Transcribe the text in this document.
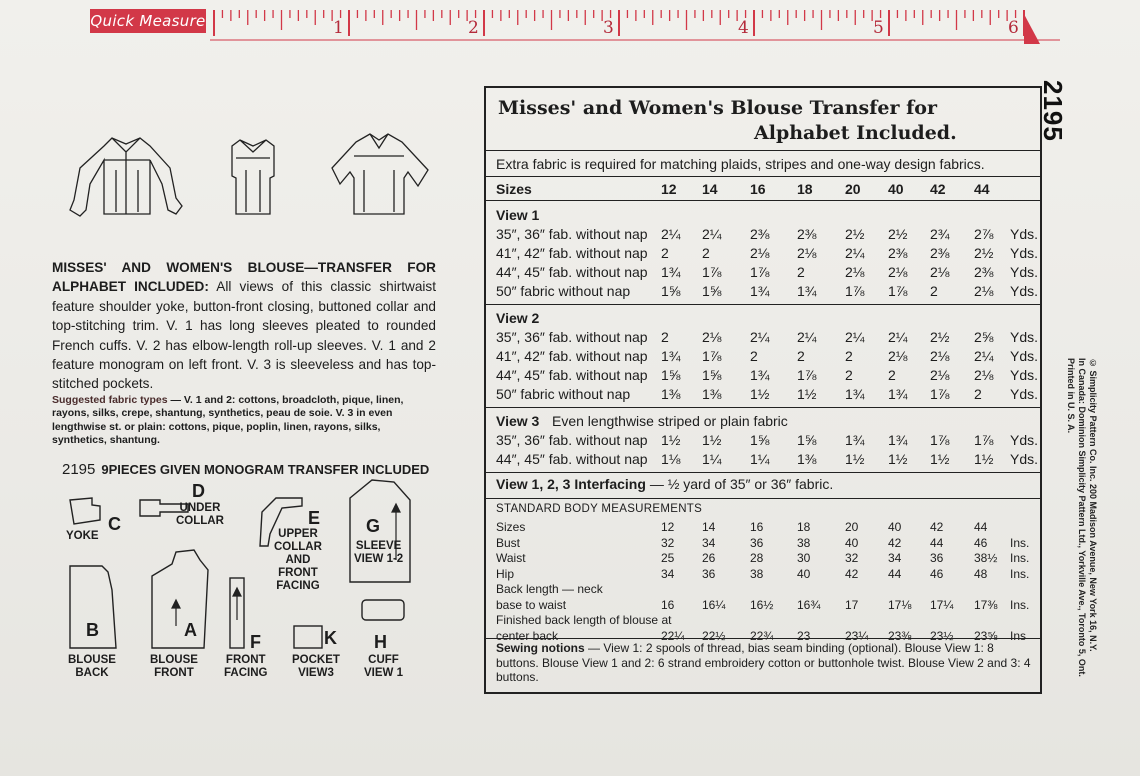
Quick Measure	1	2	3	4	5	6
2195
© Simplicity Pattern Co. Inc. 200 Madison Avenue, New York 16, N.Y.
In Canada: Dominion Simplicity Pattern Ltd., Yorkville Ave., Toronto 5, Ont.
Printed in U. S. A.
MISSES' AND WOMEN'S BLOUSE—TRANSFER FOR ALPHABET INCLUDED: All views of this classic shirtwaist feature shoulder yoke, button-front closing, buttoned collar and top-stitching trim. V. 1 has long sleeves pleated to rounded French cuffs. V. 2 has elbow-length roll-up sleeves. V. 1 and 2 feature monogram on left front. V. 3 is sleeveless and has top-stitched pockets.
Suggested fabric types — V. 1 and 2: cottons, broadcloth, pique, linen, rayons, silks, crepe, shantung, synthetics, peau de soie. V. 3 in even lengthwise st. or plain: cottons, pique, poplin, linen, rayons, silks, synthetics, shantung.
2195 9PIECES GIVEN MONOGRAM TRANSFER INCLUDED
C
YOKE
D
UNDER
COLLAR	E
UPPER
COLLAR
AND
FRONT
FACING
G
SLEEVE
VIEW 1-2
B
BLOUSE
BACK
A
BLOUSE
FRONT
F
FRONT
FACING
K
POCKET
VIEW3
H
CUFF
VIEW 1
Misses' and Women's Blouse Transfer for
Alphabet Included.
Extra fabric is required for matching plaids, stripes and one-way design fabrics.
Sizes	12	14	16	18	20	40	42	44
View 1
35″, 36″ fab. without nap 2¼	2¼	2⅜	2⅜	2½	2½	2¾	2⅞	Yds.
41″, 42″ fab. without nap 2	2	2⅛	2⅛	2¼	2⅜	2⅜	2½	Yds.
44″, 45″ fab. without nap 1¾	1⅞	1⅞	2	2⅛	2⅛	2⅛	2⅜	Yds.
50″ fabric without nap 1⅝	1⅝	1¾	1¾	1⅞	1⅞	2	2⅛	Yds.
View 2
35″, 36″ fab. without nap 2	2⅛	2¼	2¼	2¼	2¼	2½	2⅝	Yds.
41″, 42″ fab. without nap 1¾	1⅞	2	2	2	2⅛	2⅛	2¼	Yds.
44″, 45″ fab. without nap 1⅝	1⅝	1¾	1⅞	2	2	2⅛	2⅛	Yds.
50″ fabric without nap 1⅜	1⅜	1½	1½	1¾	1¾	1⅞	2	Yds.
View 3 Even lengthwise striped or plain fabric
35″, 36″ fab. without nap 1½	1½	1⅝	1⅝	1¾	1¾	1⅞	1⅞	Yds.
44″, 45″ fab. without nap 1⅛	1¼	1¼	1⅜	1½	1½	1½	1½	Yds.
View 1, 2, 3 Interfacing — ½ yard of 35″ or 36″ fabric.
STANDARD BODY MEASUREMENTS
Sizes	12	14	16	18	20	40	42	44
Bust	32	34	36	38	40	42	44	46	Ins.
Waist	25	26	28	30	32	34	36	38½	Ins.
Hip	34	36	38	40	42	44	46	48	Ins.
Back length — neck
base to waist	16	16¼	16½	16¾	17	17⅛	17¼	17⅜	Ins.
Finished back length of blouse at
center back	22¼	22½	22¾	23	23¼	23⅜	23½	23⅝	Ins
Sewing notions — View 1: 2 spools of thread, bias seam binding (optional). Blouse View 1: 8 buttons. Blouse View 1 and 2: 6 strand embroidery cotton or buttonhole twist. Blouse View 2 and 3: 4 buttons.
